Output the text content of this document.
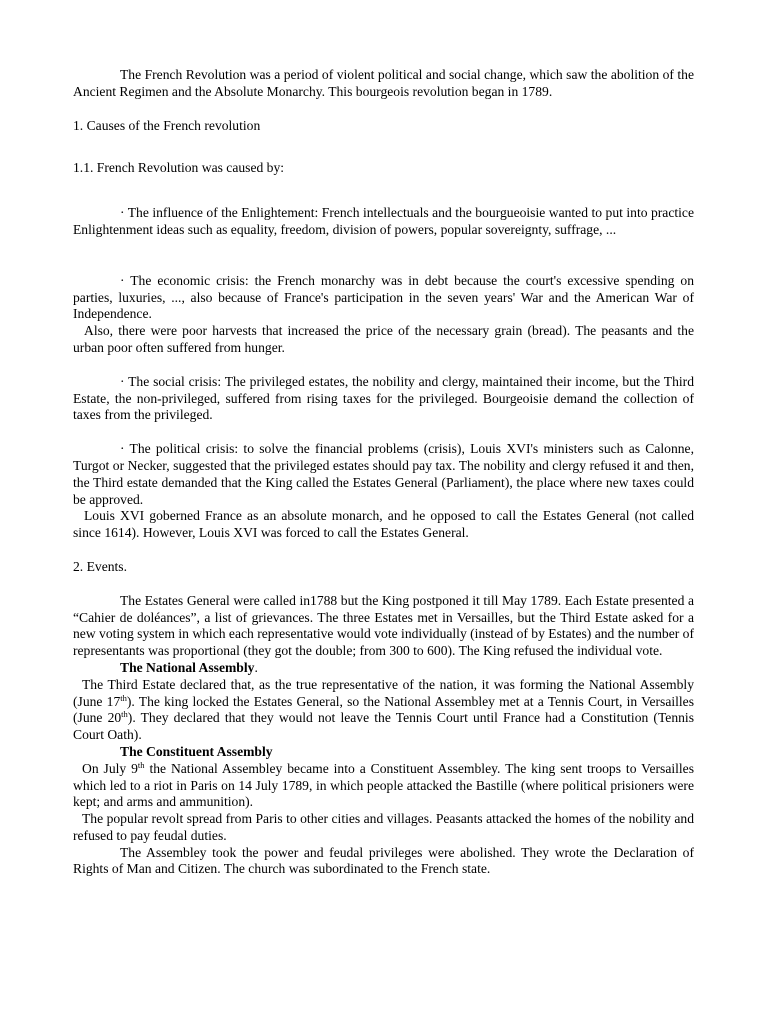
The French Revolution was a period of violent political and social change, which saw the abolition of the Ancient Regimen and the Absolute Monarchy. This bourgeois revolution began in 1789.

1. Causes of the French revolution

1.1. French Revolution was caused by:

· The influence of the Enlightement: French intellectuals and the bourgueoisie wanted to put into practice Enlightenment ideas such as equality, freedom, division of powers, popular sovereignty, suffrage, ...

· The economic crisis: the French monarchy was in debt because the court's excessive spending on parties, luxuries, ..., also because of France's participation in the seven years' War and the American War of Independence.

Also, there were poor harvests that increased the price of the necessary grain (bread). The peasants and the urban poor often suffered from hunger.

· The social crisis: The privileged estates, the nobility and clergy, maintained their income, but the Third Estate, the non-privileged, suffered from rising taxes for the privileged. Bourgeoisie demand the collection of taxes from the privileged.

· The political crisis: to solve the financial problems (crisis), Louis XVI's ministers such as Calonne, Turgot or Necker, suggested that the privileged estates should pay tax. The nobility and clergy refused it and then, the Third estate demanded that the King called the Estates General (Parliament), the place where new taxes could be approved.

Louis XVI goberned France as an absolute monarch, and he opposed to call the Estates General (not called since 1614). However, Louis XVI was forced to call the Estates General.

2. Events.

The Estates General were called in1788 but the King postponed it till May 1789. Each Estate presented a “Cahier de doléances”, a list of grievances. The three Estates met in Versailles, but the Third Estate asked for a new voting system in which each representative would vote individually (instead of by Estates) and the number of representants was proportional (they got the double; from 300 to 600). The King refused the individual vote.

The National Assembly.

The Third Estate declared that, as the true representative of the nation, it was forming the National Assembly (June 17th). The king locked the Estates General, so the National Assembley met at a Tennis Court, in Versailles (June 20th). They declared that they would not leave the Tennis Court until France had a Constitution (Tennis Court Oath).

The Constituent Assembly

On July 9th the National Assembley became into a Constituent Assembley. The king sent troops to Versailles which led to a riot in Paris on 14 July 1789, in which people attacked the Bastille (where political prisioners were kept; and arms and ammunition).

The popular revolt spread from Paris to other cities and villages. Peasants attacked the homes of the nobility and refused to pay feudal duties.

The Assembley took the power and feudal privileges were abolished. They wrote the Declaration of Rights of Man and Citizen. The church was subordinated to the French state.
